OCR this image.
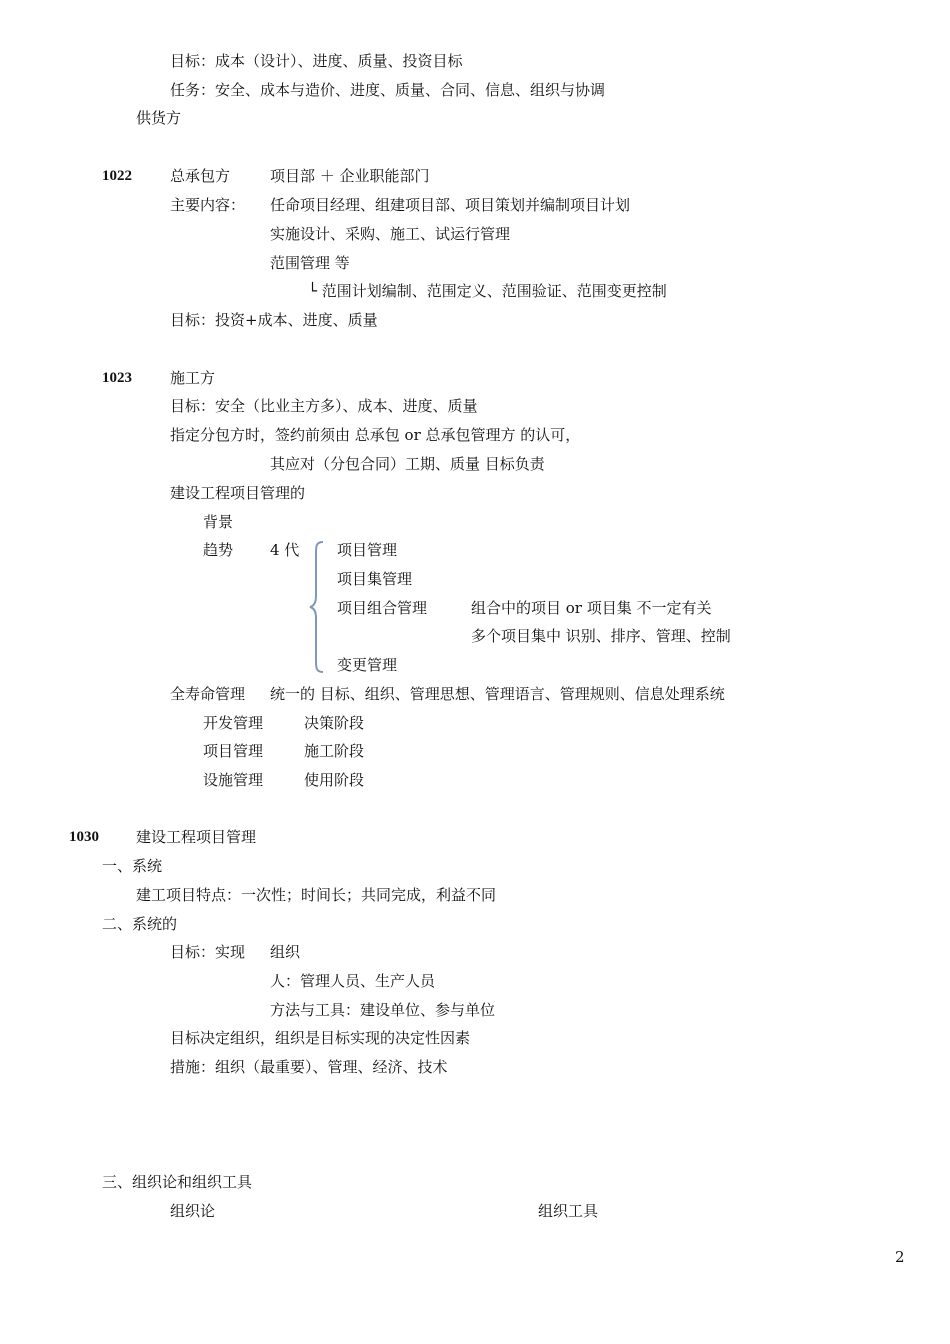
目标：成本（设计）、进度、质量、投资目标
任务：安全、成本与造价、进度、质量、合同、信息、组织与协调
供货方
1022	总承包方	项目部 ＋ 企业职能部门
主要内容： 任命项目经理、组建项目部、项目策划并编制项目计划
实施设计、采购、施工、试运行管理
范围管理 等
└ 范围计划编制、范围定义、范围验证、范围变更控制
目标：投资+成本、进度、质量
1023	施工方
目标：安全（比业主方多）、成本、进度、质量
指定分包方时，签约前须由 总承包 or 总承包管理方 的认可，
其应对（分包合同）工期、质量 目标负责
建设工程项目管理的
背景
趋势 4 代	项目管理
项目集管理
项目组合管理	组合中的项目 or 项目集 不一定有关
多个项目集中 识别、排序、管理、控制
变更管理
全寿命管理 统一的 目标、组织、管理思想、管理语言、管理规则、信息处理系统
开发管理	决策阶段
项目管理	施工阶段
设施管理	使用阶段
1030 建设工程项目管理
一、系统
建工项目特点：一次性；时间长；共同完成，利益不同
二、系统的
目标：实现 组织
人：管理人员、生产人员
方法与工具：建设单位、参与单位
目标决定组织，组织是目标实现的决定性因素
措施：组织（最重要）、管理、经济、技术
三、组织论和组织工具
组织论	组织工具
2
